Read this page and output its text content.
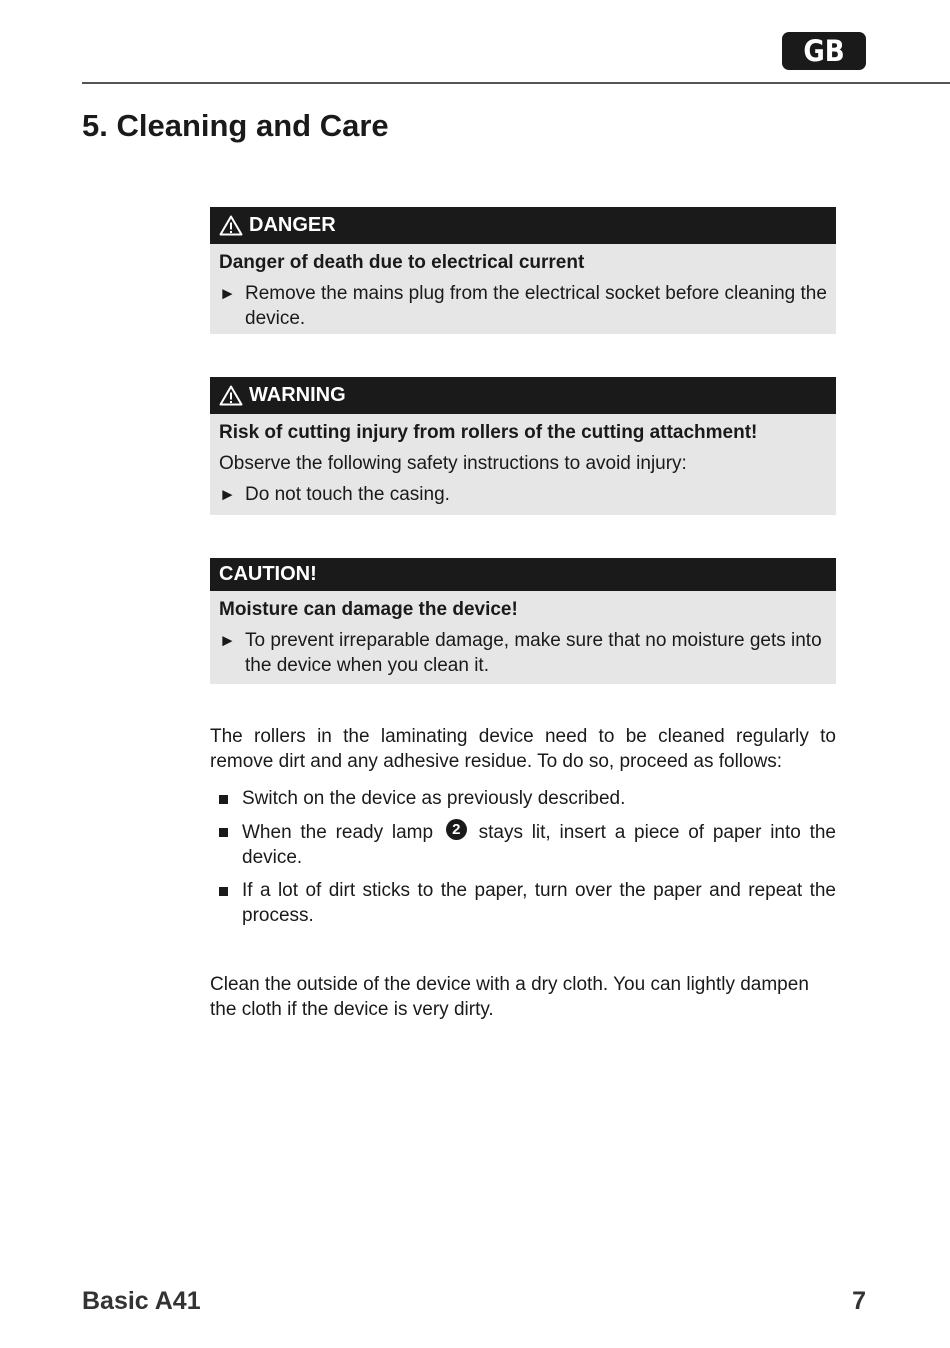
GB
5. Cleaning and Care
DANGER
Danger of death due to electrical current
► Remove the mains plug from the electrical socket before cleaning the device.
WARNING
Risk of cutting injury from rollers of the cutting attachment!
Observe the following safety instructions to avoid injury:
► Do not touch the casing.
CAUTION!
Moisture can damage the device!
► To prevent irreparable damage, make sure that no moisture gets into the device when you clean it.

The rollers in the laminating device need to be cleaned regularly to remove dirt and any adhesive residue. To do so, proceed as follows:

Switch on the device as previously described.
When the ready lamp 2 stays lit, insert a piece of paper into the device.
If a lot of dirt sticks to the paper, turn over the paper and repeat the process.

Clean the outside of the device with a dry cloth. You can lightly dampen the cloth if the device is very dirty.

Basic A41	7
